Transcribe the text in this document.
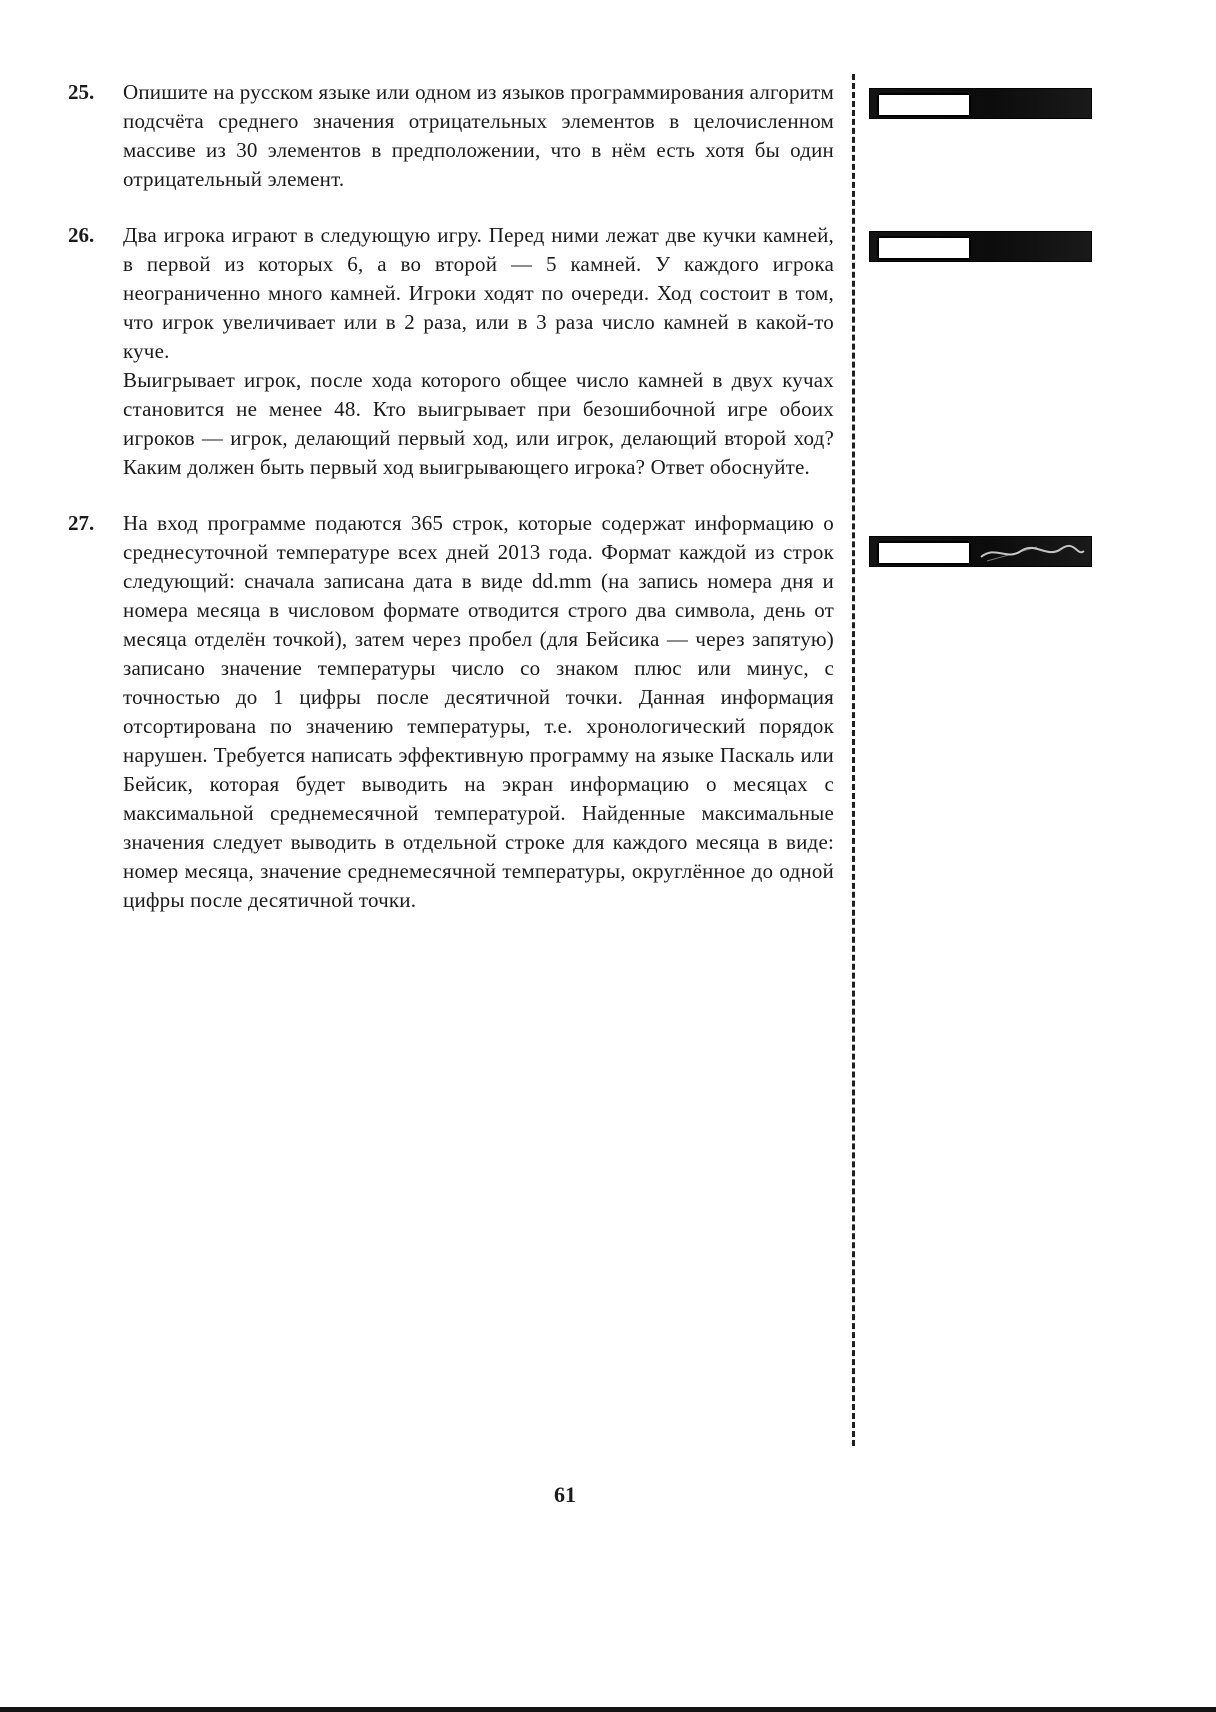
25.	Опишите на русском языке или одном из языков программирования алгоритм подсчёта среднего значения отрицательных элементов в целочисленном массиве из 30 элементов в предположении, что в нём есть хотя бы один отрицательный элемент.

26.	Два игрока играют в следующую игру. Перед ними лежат две кучки камней, в первой из которых 6, а во второй — 5 камней. У каждого игрока неограниченно много камней. Игроки ходят по очереди. Ход состоит в том, что игрок увеличивает или в 2 раза, или в 3 раза число камней в какой-то куче.

Выигрывает игрок, после хода которого общее число камней в двух кучах становится не менее 48. Кто выигрывает при безошибочной игре обоих игроков — игрок, делающий первый ход, или игрок, делающий второй ход? Каким должен быть первый ход выигрывающего игрока? Ответ обоснуйте.

27.	На вход программе подаются 365 строк, которые содержат информацию о среднесуточной температуре всех дней 2013 года. Формат каждой из строк следующий: сначала записана дата в виде dd.mm (на запись номера дня и номера месяца в числовом формате отводится строго два символа, день от месяца отделён точкой), затем через пробел (для Бейсика — через запятую) записано значение температуры число со знаком плюс или минус, с точностью до 1 цифры после десятичной точки. Данная информация отсортирована по значению температуры, т.е. хронологический порядок нарушен. Требуется написать эффективную программу на языке Паскаль или Бейсик, которая будет выводить на экран информацию о месяцах с максимальной среднемесячной температурой. Найденные максимальные значения следует выводить в отдельной строке для каждого месяца в виде: номер месяца, значение среднемесячной температуры, округлённое до одной цифры после десятичной точки.

61
